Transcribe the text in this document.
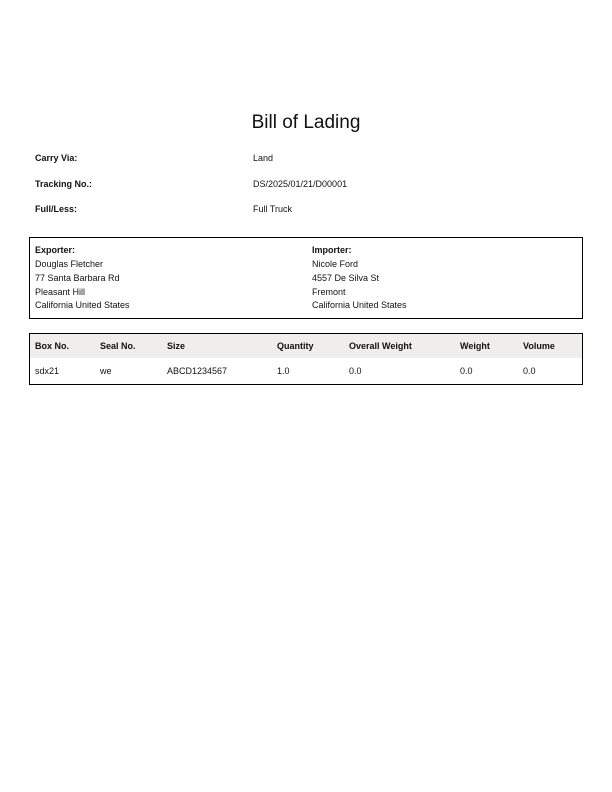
Bill of Lading
Carry Via:	Land
Tracking No.:	DS/2025/01/21/D00001
Full/Less:	Full Truck
Exporter:
Douglas Fletcher
77 Santa Barbara Rd
Pleasant Hill
California United States
Importer:
Nicole Ford
4557 De Silva St
Fremont
California United States
Box No.	Seal No.	Size	Quantity	Overall Weight	Weight	Volume
sdx21	we	ABCD1234567	1.0	0.0	0.0	0.0
